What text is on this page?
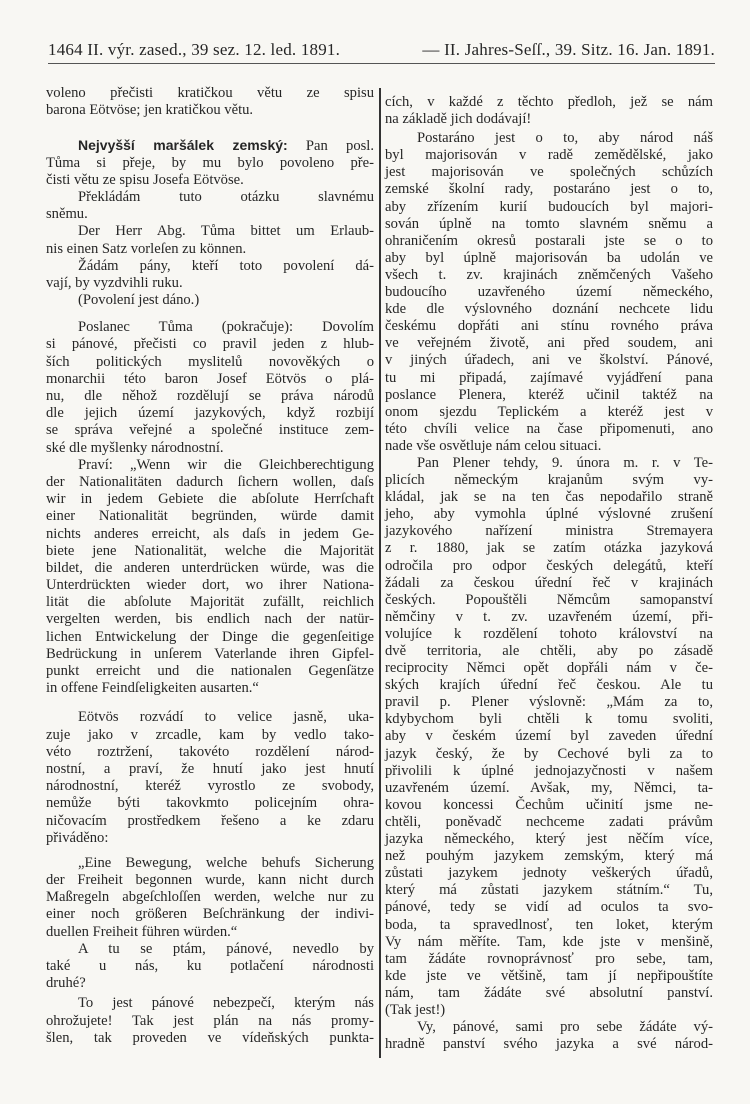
1464 II. výr. zased., 39 sez. 12. led. 1891.	— II. Jahres-Seſſ., 39. Sitz. 16. Jan. 1891.
voleno přečisti kratičkou větu ze spisu
barona Eötvöse; jen kratičkou větu.
Nejvyšší maršálek zemský: Pan posl.
Tůma si přeje, by mu bylo povoleno pře-
čisti větu ze spisu Josefa Eötvöse.
Překládám tuto otázku slavnému
sněmu.
Der Herr Abg. Tůma bittet um Erlaub-
nis einen Satz vorleſen zu können.
Žádám pány, kteří toto povolení dá-
vají, by vyzdvihli ruku.
(Povolení jest dáno.)
Poslanec Tůma (pokračuje): Dovolím
si pánové, přečisti co pravil jeden z hlub-
ších politických myslitelů novověkých o
monarchii této baron Josef Eötvös o plá-
nu, dle něhož rozdělují se práva národů
dle jejich území jazykových, když rozbijí
se správa veřejné a společné instituce zem-
ské dle myšlenky národnostní.
Praví: „Wenn wir die Gleichberechtigung
der Nationalitäten dadurch ſichern wollen, daſs
wir in jedem Gebiete die abſolute Herrſchaft
einer Nationalität begründen, würde damit
nichts anderes erreicht, als daſs in jedem Ge-
biete jene Nationalität, welche die Majorität
bildet, die anderen unterdrücken würde, was die
Unterdrückten wieder dort, wo ihrer Nationa-
lität die abſolute Majorität zufällt, reichlich
vergelten werden, bis endlich nach der natür-
lichen Entwickelung der Dinge die gegenſeitige
Bedrückung in unſerem Vaterlande ihren Gipfel-
punkt erreicht und die nationalen Gegenſätze
in offene Feindſeligkeiten ausarten.“
Eötvös rozvádí to velice jasně, uka-
zuje jako v zrcadle, kam by vedlo tako-
véto roztržení, takovéto rozdělení národ-
nostní, a praví, že hnutí jako jest hnutí
národnostní, kteréž vyrostlo ze svobody,
nemůže býti takovkmto policejním ohra-
ničovacím prostředkem řešeno a ke zdaru
přiváděno:
„Eine Bewegung, welche behufs Sicherung
der Freiheit begonnen wurde, kann nicht durch
Maßregeln abgeſchloſſen werden, welche nur zu
einer noch größeren Beſchränkung der indivi-
duellen Freiheit führen würden.“
A tu se ptám, pánové, nevedlo by
také u nás, ku potlačení národnosti
druhé?
To jest pánové nebezpečí, kterým nás
ohrožujete! Tak jest plán na nás promy-
šlen, tak proveden ve vídeňských punkta-
cích, v každé z těchto předloh, jež se nám
na základě jich dodávají!
Postaráno jest o to, aby národ náš
byl majorisován v radě zemědělské, jako
jest majorisován ve společných schůzích
zemské školní rady, postaráno jest o to,
aby zřízením kurií budoucích byl majori-
sován úplně na tomto slavném sněmu a
ohraničením okresů postarali jste se o to
aby byl úplně majorisován ba udolán ve
všech t. zv. krajinách zněmčených Vašeho
budoucího uzavřeného území německého,
kde dle výslovného doznání nechcete lidu
českému dopřáti ani stínu rovného práva
ve veřejném životě, ani před soudem, ani
v jiných úřadech, ani ve školství. Pánové,
tu mi připadá, zajímavé vyjádření pana
poslance Plenera, kteréž učinil taktéž na
onom sjezdu Teplickém a kteréž jest v
této chvíli velice na čase připomenuti, ano
nade vše osvětluje nám celou situaci.
Pan Plener tehdy, 9. února m. r. v Te-
plicích německým krajanům svým vy-
kládal, jak se na ten čas nepodařilo straně
jeho, aby vymohla úplné výslovné zrušení
jazykového nařízení ministra Stremayera
z r. 1880, jak se zatím otázka jazyková
odročila pro odpor českých delegátů, kteří
žádali za českou úřední řeč v krajinách
českých. Popouštěli Němcům samopanství
němčiny v t. zv. uzavřeném území, při-
volujíce k rozdělení tohoto království na
dvě territoria, ale chtěli, aby po zásadě
reciprocity Němci opět dopřáli nám v če-
ských krajích úřední řeč českou. Ale tu
pravil p. Plener výslovně: „Mám za to,
kdybychom byli chtěli k tomu svoliti,
aby v českém území byl zaveden úřední
jazyk český, že by Cechové byli za to
přivolili k úplné jednojazyčnosti v našem
uzavřeném území. Avšak, my, Němci, ta-
kovou koncessi Čechům učinití jsme ne-
chtěli, poněvadč nechceme zadati právům
jazyka německého, který jest něčím více,
než pouhým jazykem zemským, který má
zůstati jazykem jednoty veškerých úřadů,
který má zůstati jazykem státním.“ Tu,
pánové, tedy se vidí ad oculos ta svo-
boda, ta spravedlnosť, ten loket, kterým
Vy nám měříte. Tam, kde jste v menšině,
tam žádáte rovnoprávnosť pro sebe, tam,
kde jste ve většině, tam jí nepřipouštíte
nám, tam žádáte své absolutní panství.
(Tak jest!)
Vy, pánové, sami pro sebe žádáte vý-
hradně panství svého jazyka a své národ-
